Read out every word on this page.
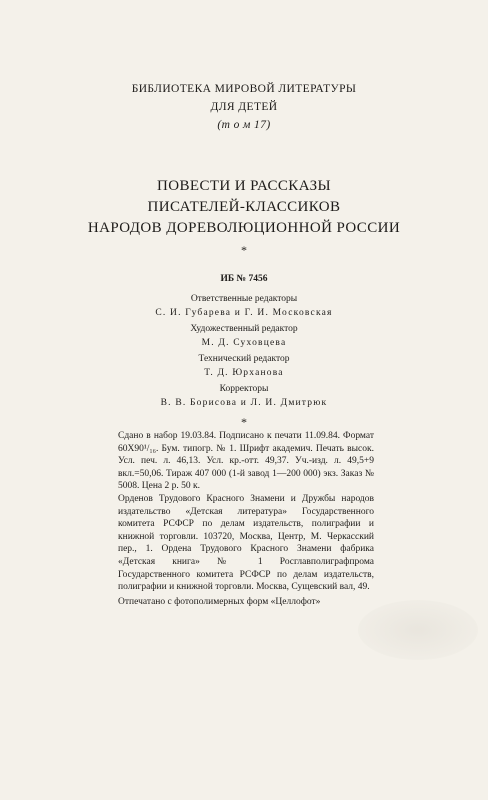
БИБЛИОТЕКА МИРОВОЙ ЛИТЕРАТУРЫ
ДЛЯ ДЕТЕЙ
(т о м 17)
ПОВЕСТИ И РАССКАЗЫ
ПИСАТЕЛЕЙ-КЛАССИКОВ
НАРОДОВ ДОРЕВОЛЮЦИОННОЙ РОССИИ
*
ИБ № 7456
Ответственные редакторы
С. И. Губарева и Г. И. Московская
Художественный редактор
М. Д. Суховцева
Технический редактор
Т. Д. Юрханова
Корректоры
В. В. Борисова и Л. И. Дмитрюк
*

Сдано в набор 19.03.84. Подписано к печати 11.09.84. Формат 60Х90¹/₁₆. Бум. типогр. № 1. Шрифт академич. Печать высок. Усл. печ. л. 46,13. Усл. кр.-отт. 49,37. Уч.-изд. л. 49,5+9 вкл.=50,06. Тираж 407 000 (1-й завод 1—200 000) экз. Заказ № 5008. Цена 2 р. 50 к.

Орденов Трудового Красного Знамени и Дружбы народов издательство «Детская литература» Государственного комитета РСФСР по делам издательств, полиграфии и книжной торговли. 103720, Москва, Центр, М. Черкасский пер., 1. Ордена Трудового Красного Знамени фабрика «Детская книга» № 1 Росглавполиграфпрома Государственного комитета РСФСР по делам издательств, полиграфии и книжной торговли. Москва, Сущевский вал, 49.

Отпечатано с фотополимерных форм «Целлофот»
